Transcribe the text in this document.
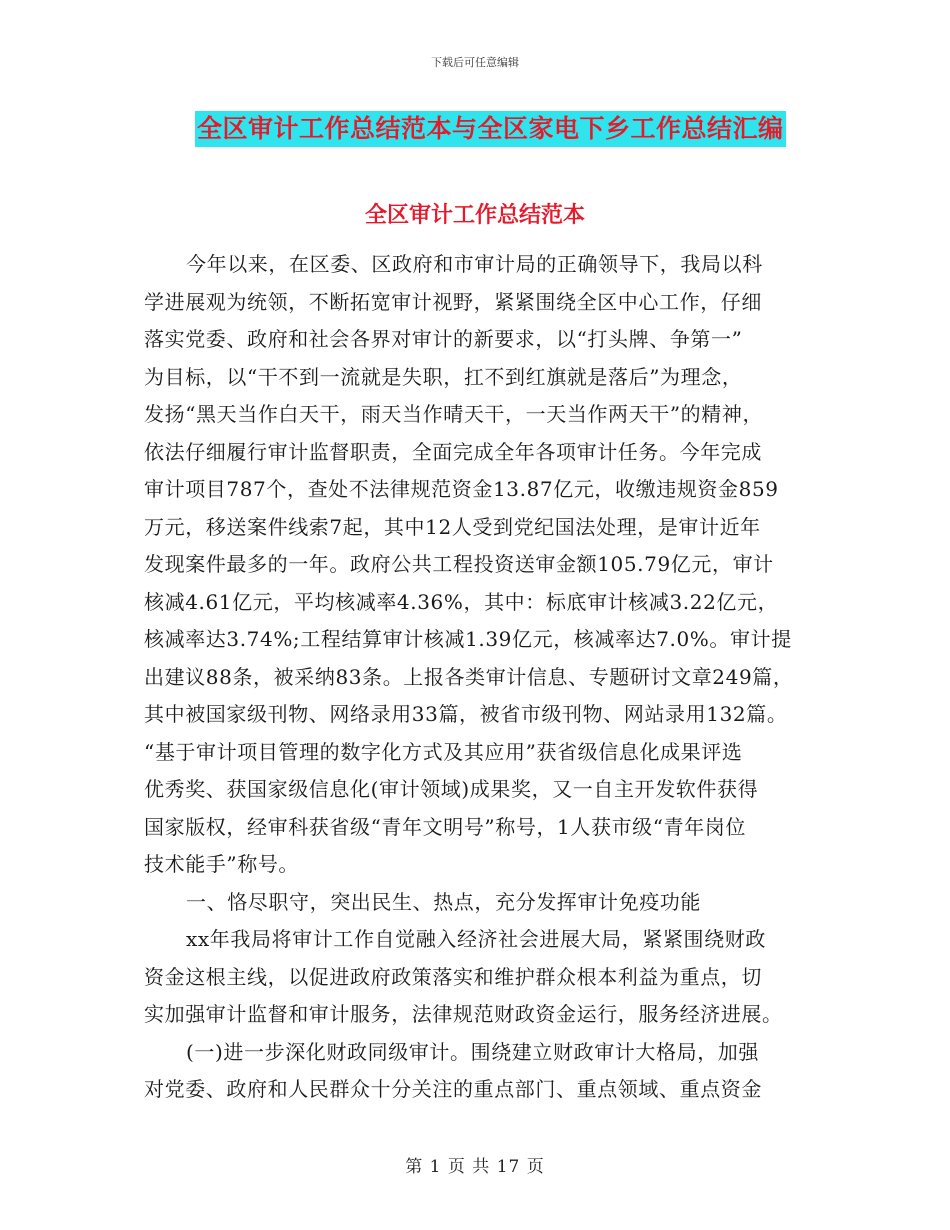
下载后可任意编辑
全区审计工作总结范本与全区家电下乡工作总结汇编
全区审计工作总结范本
今年以来，在区委、区政府和市审计局的正确领导下，我局以科
学进展观为统领，不断拓宽审计视野，紧紧围绕全区中心工作，仔细
落实党委、政府和社会各界对审计的新要求，以“打头牌、争第一”
为目标，以“干不到一流就是失职，扛不到红旗就是落后”为理念，
发扬“黑天当作白天干，雨天当作晴天干，一天当作两天干”的精神，
依法仔细履行审计监督职责，全面完成全年各项审计任务。今年完成
审计项目787个，查处不法律规范资金13.87亿元，收缴违规资金859
万元，移送案件线索7起，其中12人受到党纪国法处理，是审计近年
发现案件最多的一年。政府公共工程投资送审金额105.79亿元，审计
核减4.61亿元，平均核减率4.36%，其中：标底审计核减3.22亿元，
核减率达3.74%;工程结算审计核减1.39亿元，核减率达7.0%。审计提
出建议88条，被采纳83条。上报各类审计信息、专题研讨文章249篇，
其中被国家级刊物、网络录用33篇，被省市级刊物、网站录用132篇。
“基于审计项目管理的数字化方式及其应用”获省级信息化成果评选
优秀奖、获国家级信息化(审计领域)成果奖，又一自主开发软件获得
国家版权，经审科获省级“青年文明号”称号，1人获市级“青年岗位
技术能手”称号。
一、恪尽职守，突出民生、热点，充分发挥审计免疫功能
xx年我局将审计工作自觉融入经济社会进展大局，紧紧围绕财政
资金这根主线，以促进政府政策落实和维护群众根本利益为重点，切
实加强审计监督和审计服务，法律规范财政资金运行，服务经济进展。
(一)进一步深化财政同级审计。围绕建立财政审计大格局，加强
对党委、政府和人民群众十分关注的重点部门、重点领域、重点资金
第 1 页 共 17 页
